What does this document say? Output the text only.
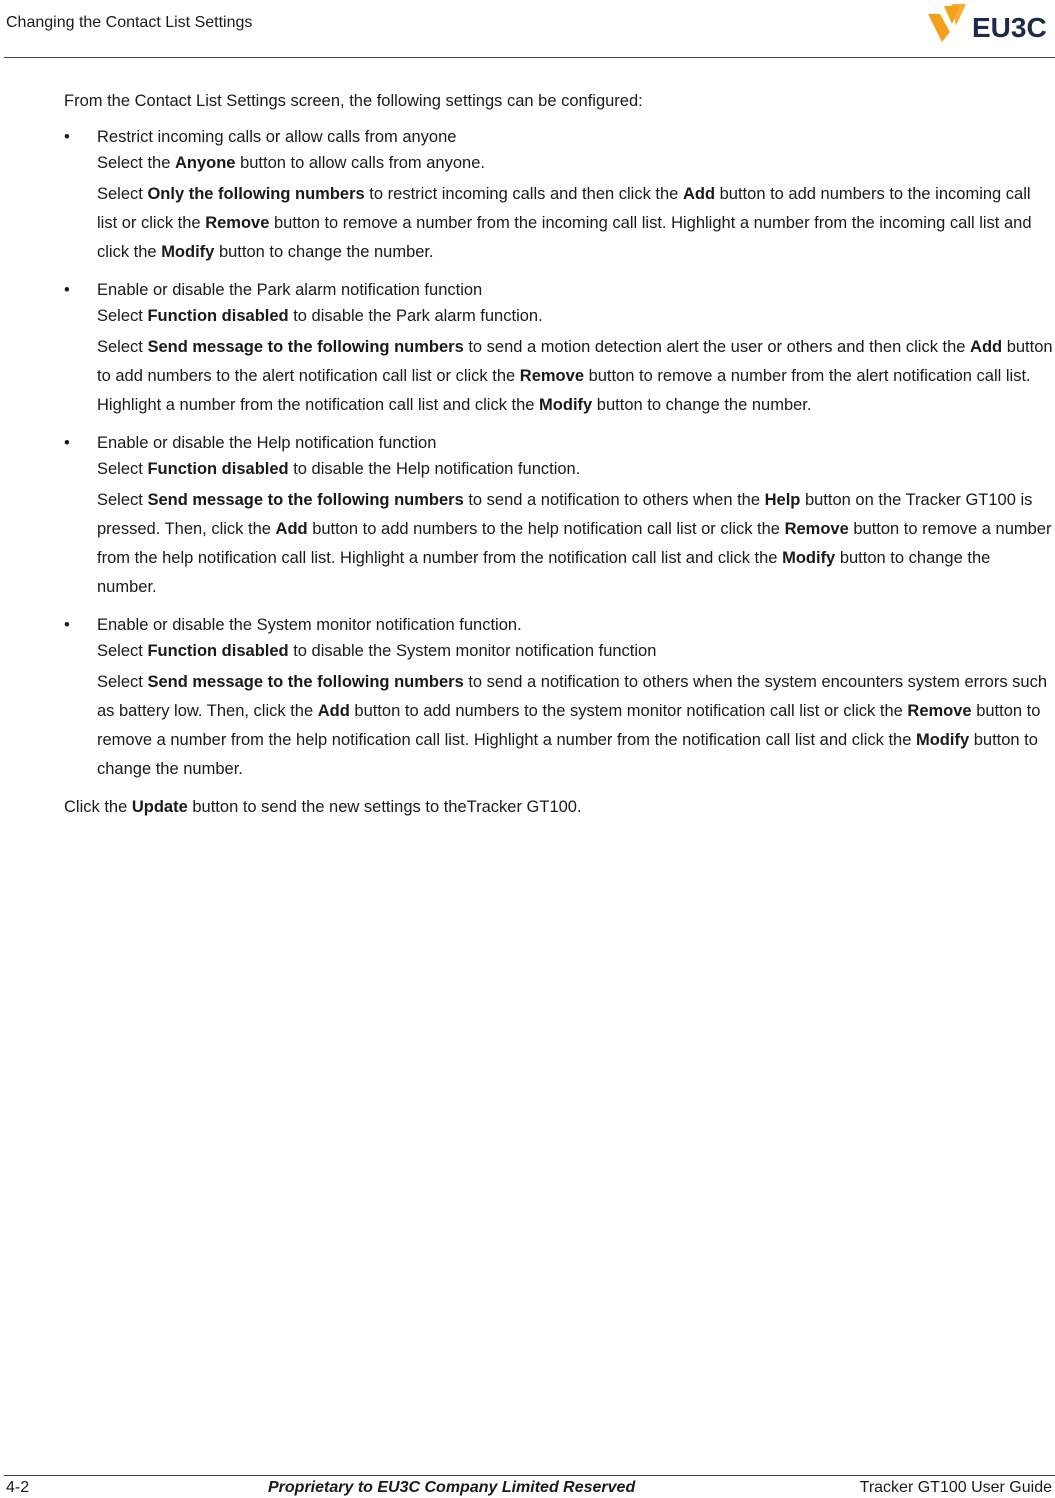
Changing the Contact List Settings	EU3C
From the Contact List Settings screen, the following settings can be configured:
• Restrict incoming calls or allow calls from anyone
Select the Anyone button to allow calls from anyone.
Select Only the following numbers to restrict incoming calls and then click the Add button to add numbers to the incoming call list or click the Remove button to remove a number from the incoming call list. Highlight a number from the incoming call list and click the Modify button to change the number.
• Enable or disable the Park alarm notification function
Select Function disabled to disable the Park alarm function.
Select Send message to the following numbers to send a motion detection alert the user or others and then click the Add button to add numbers to the alert notification call list or click the Remove button to remove a number from the alert notification call list. Highlight a number from the notification call list and click the Modify button to change the number.
• Enable or disable the Help notification function
Select Function disabled to disable the Help notification function.
Select Send message to the following numbers to send a notification to others when the Help button on the Tracker GT100 is pressed. Then, click the Add button to add numbers to the help notification call list or click the Remove button to remove a number from the help notification call list. Highlight a number from the notification call list and click the Modify button to change the number.
• Enable or disable the System monitor notification function.
Select Function disabled to disable the System monitor notification function
Select Send message to the following numbers to send a notification to others when the system encounters system errors such as battery low. Then, click the Add button to add numbers to the system monitor notification call list or click the Remove button to remove a number from the help notification call list. Highlight a number from the notification call list and click the Modify button to change the number.
Click the Update button to send the new settings to theTracker GT100.
4-2	Proprietary to EU3C Company Limited Reserved	Tracker GT100 User Guide
